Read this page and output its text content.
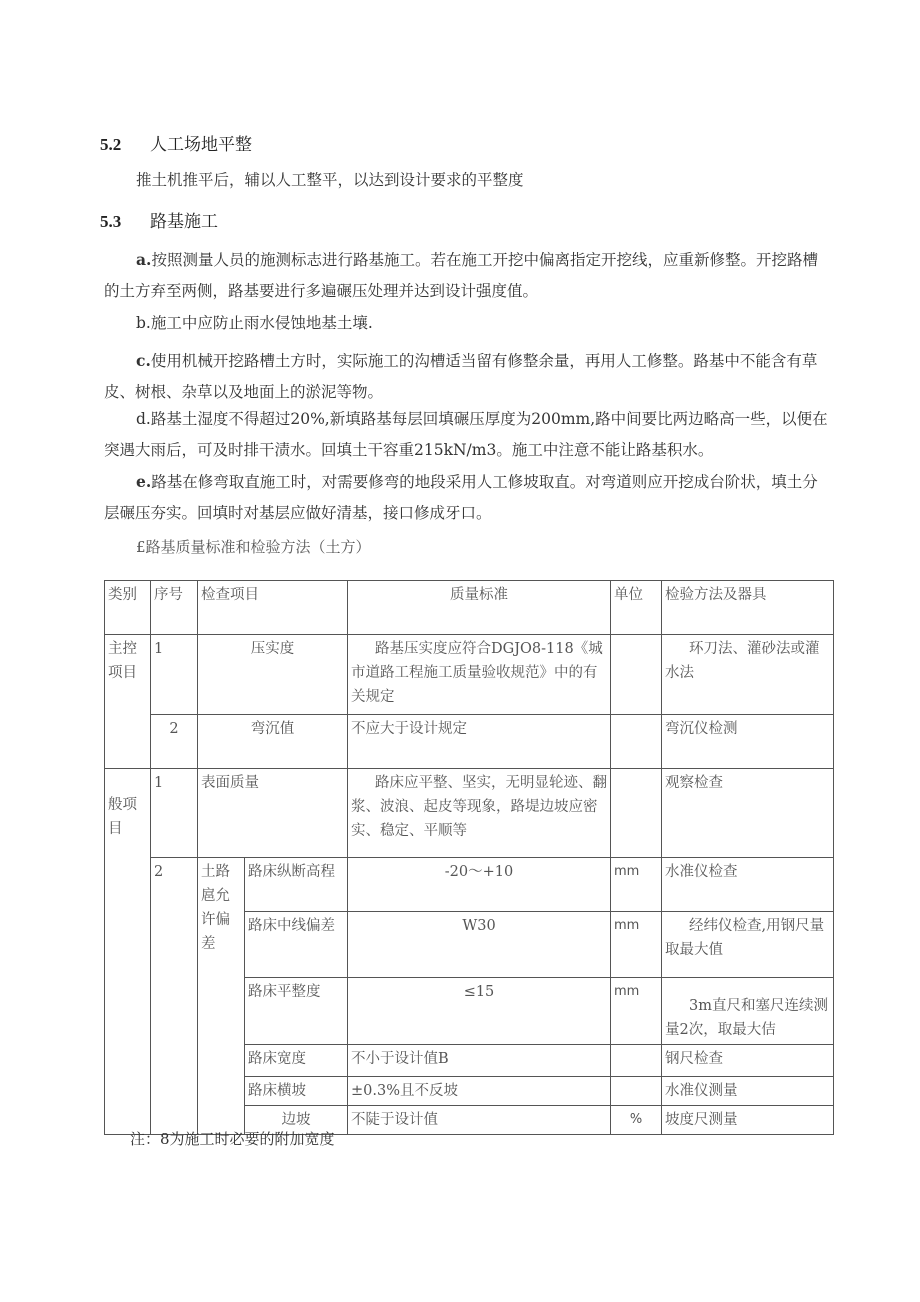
5.2 人工场地平整
推土机推平后，辅以人工整平，以达到设计要求的平整度
5.3 路基施工
a.按照测量人员的施测标志进行路基施工。若在施工开挖中偏离指定开挖线，应重新修整。开挖路槽的土方弃至两侧，路基要进行多遍碾压处理并达到设计强度值。
b.施工中应防止雨水侵蚀地基土壤.
c.使用机械开挖路槽土方时，实际施工的沟槽适当留有修整余量，再用人工修整。路基中不能含有草皮、树根、杂草以及地面上的淤泥等物。
d.路基土湿度不得超过20%,新填路基每层回填碾压厚度为200mm,路中间要比两边略高一些，以便在突遇大雨后，可及时排干渍水。回填土干容重215kN/m3。施工中注意不能让路基积水。
e.路基在修弯取直施工时，对需要修弯的地段采用人工修坡取直。对弯道则应开挖成台阶状，填土分层碾压夯实。回填时对基层应做好清基，接口修成牙口。
£路基质量标准和检验方法（土方）
类别	序号	检查项目		质量标准	单位	检验方法及器具
主控项目	1	压实度		路基压实度应符合DGJO8-118《城市道路工程施工质量验收规范》中的有关规定		环刀法、灌砂法或灌水法
	2	弯沉值		不应大于设计规定		弯沉仪检测
般项目	1	表面质量		路床应平整、坚实，无明显轮迹、翻浆、波浪、起皮等现象，路堤边坡应密实、稳定、平顺等		观察检查
	2	土路扈允许偏差	路床纵断高程	-20～+10	mm	水准仪检查
			路床中线偏差	W30	mm	经纬仪检查,用钢尺量取最大值
			路床平整度	≤15	mm	3m直尺和塞尺连续测量2次，取最大佶
			路床宽度	不小于设计值B		钢尺检查
			路床横坡	±0.3%且不反坡		水准仪测量
			边坡	不陡于设计值	%	坡度尺测量
注：8为施工时必要的附加宽度
